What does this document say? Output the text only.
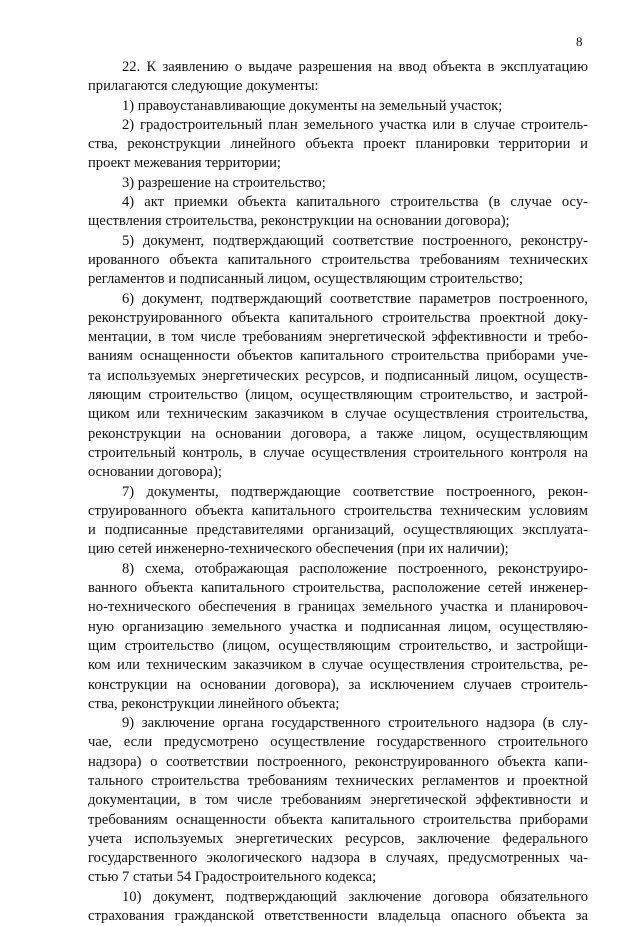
8
22. К заявлению о выдаче разрешения на ввод объекта в эксплуатацию
прилагаются следующие документы:
1) правоустанавливающие документы на земельный участок;
2) градостроительный план земельного участка или в случае строитель-
ства, реконструкции линейного объекта проект планировки территории и
проект межевания территории;
3) разрешение на строительство;
4) акт приемки объекта капитального строительства (в случае осу-
ществления строительства, реконструкции на основании договора);
5) документ, подтверждающий соответствие построенного, реконстру-
ированного объекта капитального строительства требованиям технических
регламентов и подписанный лицом, осуществляющим строительство;
6) документ, подтверждающий соответствие параметров построенного,
реконструированного объекта капитального строительства проектной доку-
ментации, в том числе требованиям энергетической эффективности и требо-
ваниям оснащенности объектов капитального строительства приборами уче-
та используемых энергетических ресурсов, и подписанный лицом, осуществ-
ляющим строительство (лицом, осуществляющим строительство, и застрой-
щиком или техническим заказчиком в случае осуществления строительства,
реконструкции на основании договора, а также лицом, осуществляющим
строительный контроль, в случае осуществления строительного контроля на
основании договора);
7) документы, подтверждающие соответствие построенного, рекон-
струированного объекта капитального строительства техническим условиям
и подписанные представителями организаций, осуществляющих эксплуата-
цию сетей инженерно-технического обеспечения (при их наличии);
8) схема, отображающая расположение построенного, реконструиро-
ванного объекта капитального строительства, расположение сетей инженер-
но-технического обеспечения в границах земельного участка и планировоч-
ную организацию земельного участка и подписанная лицом, осуществляю-
щим строительство (лицом, осуществляющим строительство, и застройщи-
ком или техническим заказчиком в случае осуществления строительства, ре-
конструкции на основании договора), за исключением случаев строитель-
ства, реконструкции линейного объекта;
9) заключение органа государственного строительного надзора (в слу-
чае, если предусмотрено осуществление государственного строительного
надзора) о соответствии построенного, реконструированного объекта капи-
тального строительства требованиям технических регламентов и проектной
документации, в том числе требованиям энергетической эффективности и
требованиям оснащенности объекта капитального строительства приборами
учета используемых энергетических ресурсов, заключение федерального
государственного экологического надзора в случаях, предусмотренных ча-
стью 7 статьи 54 Градостроительного кодекса;
10) документ, подтверждающий заключение договора обязательного
страхования гражданской ответственности владельца опасного объекта за
